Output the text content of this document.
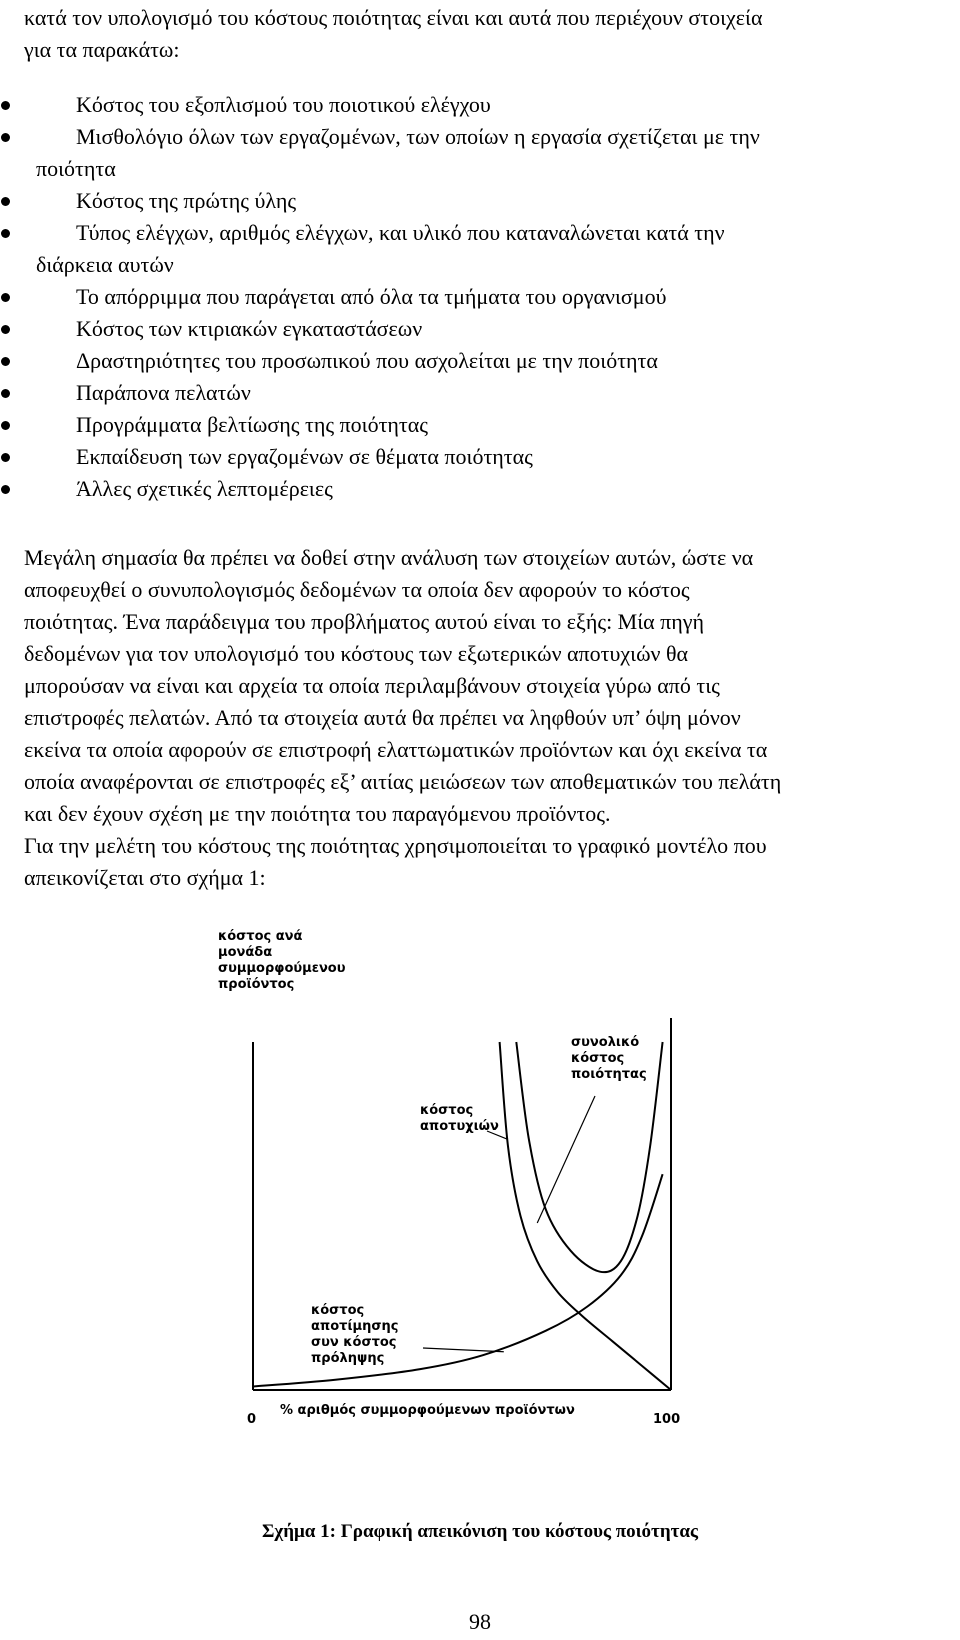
κατά τον υπολογισμό του κόστους ποιότητας είναι και αυτά που περιέχουν στοιχεία
για τα παρακάτω:

Κόστος του εξοπλισμού του ποιοτικού ελέγχου
Μισθολόγιο όλων των εργαζομένων, των οποίων η εργασία σχετίζεται με την
ποιότητα
Κόστος της πρώτης ύλης
Τύπος ελέγχων, αριθμός ελέγχων, και υλικό που καταναλώνεται κατά την
διάρκεια αυτών
Το απόρριμμα που παράγεται από όλα τα τμήματα του οργανισμού
Κόστος των κτιριακών εγκαταστάσεων
Δραστηριότητες του προσωπικού που ασχολείται με την ποιότητα
Παράπονα πελατών
Προγράμματα βελτίωσης της ποιότητας
Εκπαίδευση των εργαζομένων σε θέματα ποιότητας
Άλλες σχετικές λεπτομέρειες

Μεγάλη σημασία θα πρέπει να δοθεί στην ανάλυση των στοιχείων αυτών, ώστε να
αποφευχθεί ο συνυπολογισμός δεδομένων τα οποία δεν αφορούν το κόστος
ποιότητας. Ένα παράδειγμα του προβλήματος αυτού είναι το εξής: Μία πηγή
δεδομένων για τον υπολογισμό του κόστους των εξωτερικών αποτυχιών θα
μπορούσαν να είναι και αρχεία τα οποία περιλαμβάνουν στοιχεία γύρω από τις
επιστροφές πελατών. Από τα στοιχεία αυτά θα πρέπει να ληφθούν υπ’ όψη μόνον
εκείνα τα οποία αφορούν σε επιστροφή ελαττωματικών προϊόντων και όχι εκείνα τα
οποία αναφέρονται σε επιστροφές εξ’ αιτίας μειώσεων των αποθεματικών του πελάτη
και δεν έχουν σχέση με την ποιότητα του παραγόμενου προϊόντος.

Για την μελέτη του κόστους της ποιότητας χρησιμοποιείται το γραφικό μοντέλο που
απεικονίζεται στο σχήμα 1:

κόστος ανά
μονάδα
συμμορφούμενου
προϊόντος
0	100
% αριθμός συμμορφούμενων προϊόντων
κόστος
αποτυχιών
συνολικό
κόστος
ποιότητας
κόστος
αποτίμησης
συν κόστος
πρόληψης
Σχήμα 1: Γραφική απεικόνιση του κόστους ποιότητας
98
